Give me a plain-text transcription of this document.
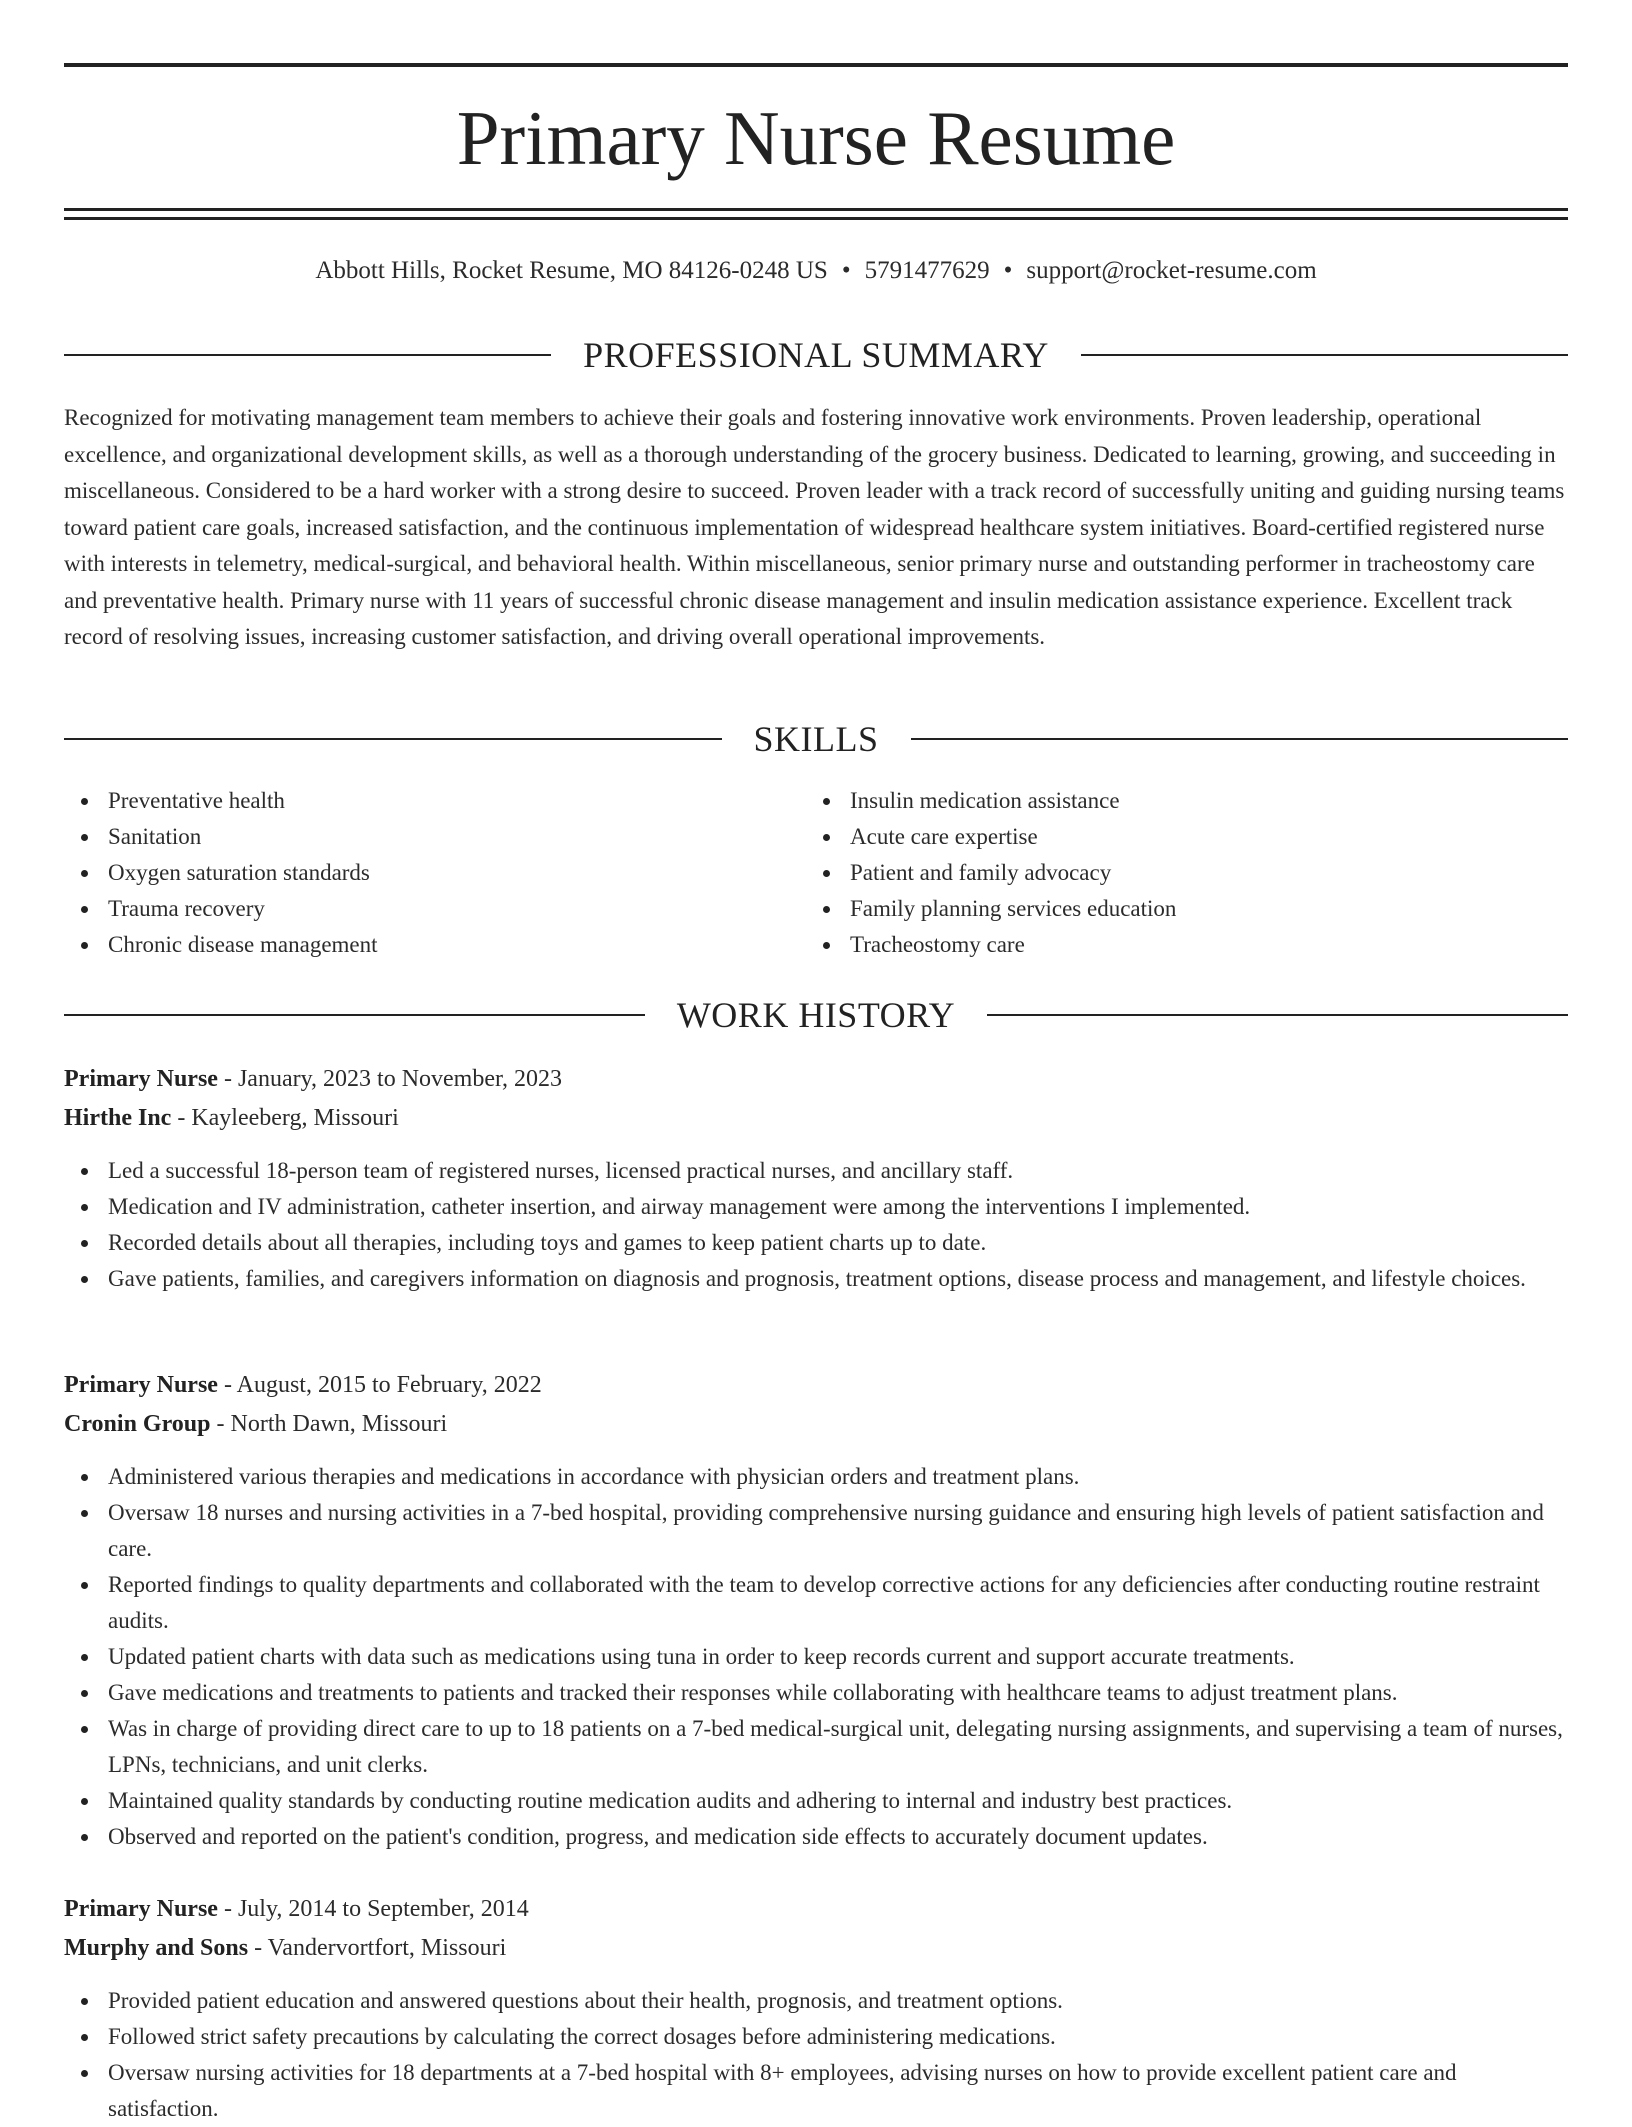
Primary Nurse Resume
Abbott Hills, Rocket Resume, MO 84126-0248 US • 5791477629 • support@rocket-resume.com
PROFESSIONAL SUMMARY

Recognized for motivating management team members to achieve their goals and fostering innovative work environments. Proven leadership, operational excellence, and organizational development skills, as well as a thorough understanding of the grocery business. Dedicated to learning, growing, and succeeding in miscellaneous. Considered to be a hard worker with a strong desire to succeed. Proven leader with a track record of successfully uniting and guiding nursing teams toward patient care goals, increased satisfaction, and the continuous implementation of widespread healthcare system initiatives. Board-certified registered nurse with interests in telemetry, medical-surgical, and behavioral health. Within miscellaneous, senior primary nurse and outstanding performer in tracheostomy care and preventative health. Primary nurse with 11 years of successful chronic disease management and insulin medication assistance experience. Excellent track record of resolving issues, increasing customer satisfaction, and driving overall operational improvements.

SKILLS
Preventative health
Sanitation
Oxygen saturation standards
Trauma recovery
Chronic disease management
Insulin medication assistance
Acute care expertise
Patient and family advocacy
Family planning services education
Tracheostomy care
WORK HISTORY
Primary Nurse - January, 2023 to November, 2023
Hirthe Inc - Kayleeberg, Missouri
Led a successful 18-person team of registered nurses, licensed practical nurses, and ancillary staff.
Medication and IV administration, catheter insertion, and airway management were among the interventions I implemented.
Recorded details about all therapies, including toys and games to keep patient charts up to date.
Gave patients, families, and caregivers information on diagnosis and prognosis, treatment options, disease process and management, and lifestyle choices.
Primary Nurse - August, 2015 to February, 2022
Cronin Group - North Dawn, Missouri
Administered various therapies and medications in accordance with physician orders and treatment plans.
Oversaw 18 nurses and nursing activities in a 7-bed hospital, providing comprehensive nursing guidance and ensuring high levels of patient satisfaction and care.
Reported findings to quality departments and collaborated with the team to develop corrective actions for any deficiencies after conducting routine restraint audits.
Updated patient charts with data such as medications using tuna in order to keep records current and support accurate treatments.
Gave medications and treatments to patients and tracked their responses while collaborating with healthcare teams to adjust treatment plans.
Was in charge of providing direct care to up to 18 patients on a 7-bed medical-surgical unit, delegating nursing assignments, and supervising a team of nurses, LPNs, technicians, and unit clerks.
Maintained quality standards by conducting routine medication audits and adhering to internal and industry best practices.
Observed and reported on the patient's condition, progress, and medication side effects to accurately document updates.
Primary Nurse - July, 2014 to September, 2014
Murphy and Sons - Vandervortfort, Missouri
Provided patient education and answered questions about their health, prognosis, and treatment options.
Followed strict safety precautions by calculating the correct dosages before administering medications.
Oversaw nursing activities for 18 departments at a 7-bed hospital with 8+ employees, advising nurses on how to provide excellent patient care and satisfaction.
